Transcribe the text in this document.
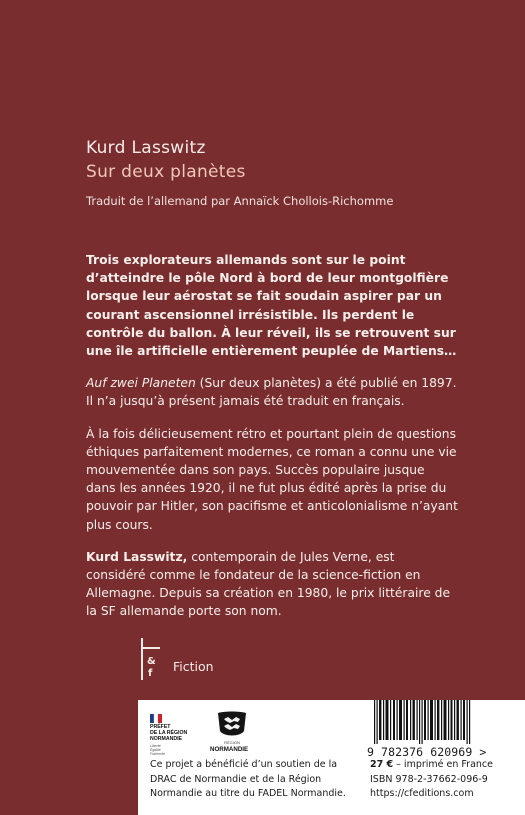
Kurd Lasswitz
Sur deux planètes
Traduit de l’allemand par Annaïck Chollois-Richomme

Trois explorateurs allemands sont sur le point d’atteindre le pôle Nord à bord de leur montgolfière lorsque leur aérostat se fait soudain aspirer par un courant ascensionnel irrésistible. Ils perdent le contrôle du ballon. À leur réveil, ils se retrouvent sur une île artificielle entièrement peuplée de Martiens…

Auf zwei Planeten (Sur deux planètes) a été publié en 1897. Il n’a jusqu’à présent jamais été traduit en français.

À la fois délicieusement rétro et pourtant plein de questions éthiques parfaitement modernes, ce roman a connu une vie mouvementée dans son pays. Succès populaire jusque dans les années 1920, il ne fut plus édité après la prise du pouvoir par Hitler, son pacifisme et anticolonialisme n’ayant plus cours.

Kurd Lasswitz, contemporain de Jules Verne, est considéré comme le fondateur de la science-fiction en Allemagne. Depuis sa création en 1980, le prix littéraire de la SF allemande porte son nom.

&
f Fiction
PRÉFET
DE LA RÉGION
NORMANDIE
Liberté
Égalité
Fraternité
RÉGION
NORMANDIE
Ce projet a bénéficié d’un soutien de la DRAC de Normandie et de la Région Normandie au titre du FADEL Normandie.
9 782376 620969 >
27 € – imprimé en France
ISBN 978-2-37662-096-9
https://cfeditions.com
